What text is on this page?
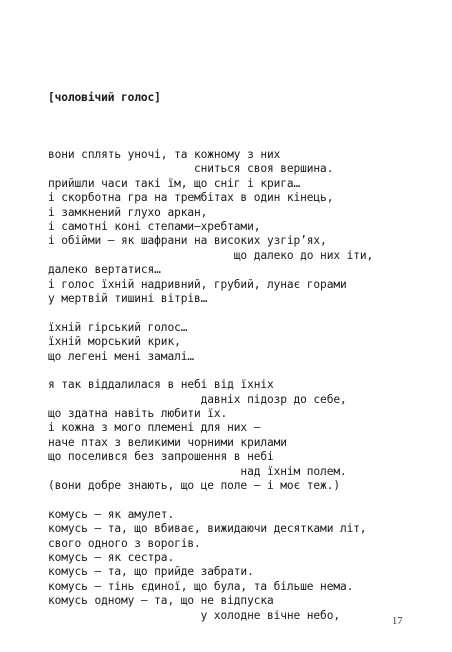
[чоловічий голос]

вони сплять уночі, та кожному з них
сниться своя вершина.
прийшли часи такі їм, що сніг і крига…
і скорботна гра на трембітах в один кінець,
і замкнений глухо аркан,
і самотні коні степами—хребтами,
і обійми — як шафрани на високих узгір’ях,
що далеко до них іти,
далеко вертатися…
і голос їхній надривний, грубий, лунає горами
у мертвій тишині вітрів…
їхній гірський голос…
їхній морський крик,
що легені мені замалі…
я так віддалилася в небі від їхніх
давніх підозр до себе,
що здатна навіть любити їх.
і кожна з мого племені для них —
наче птах з великими чорними крилами
що поселився без запрошення в небі
над їхнім полем.
(вони добре знають, що це поле — і моє теж.)
комусь — як амулет.
комусь — та, що вбиває, вижидаючи десятками літ,
свого одного з ворогів.
комусь — як сестра.
комусь — та, що прийде забрати.
комусь — тінь єдиної, що була, та більше нема.
комусь одному — та, що не відпуска
у холодне вічне небо,

	17
